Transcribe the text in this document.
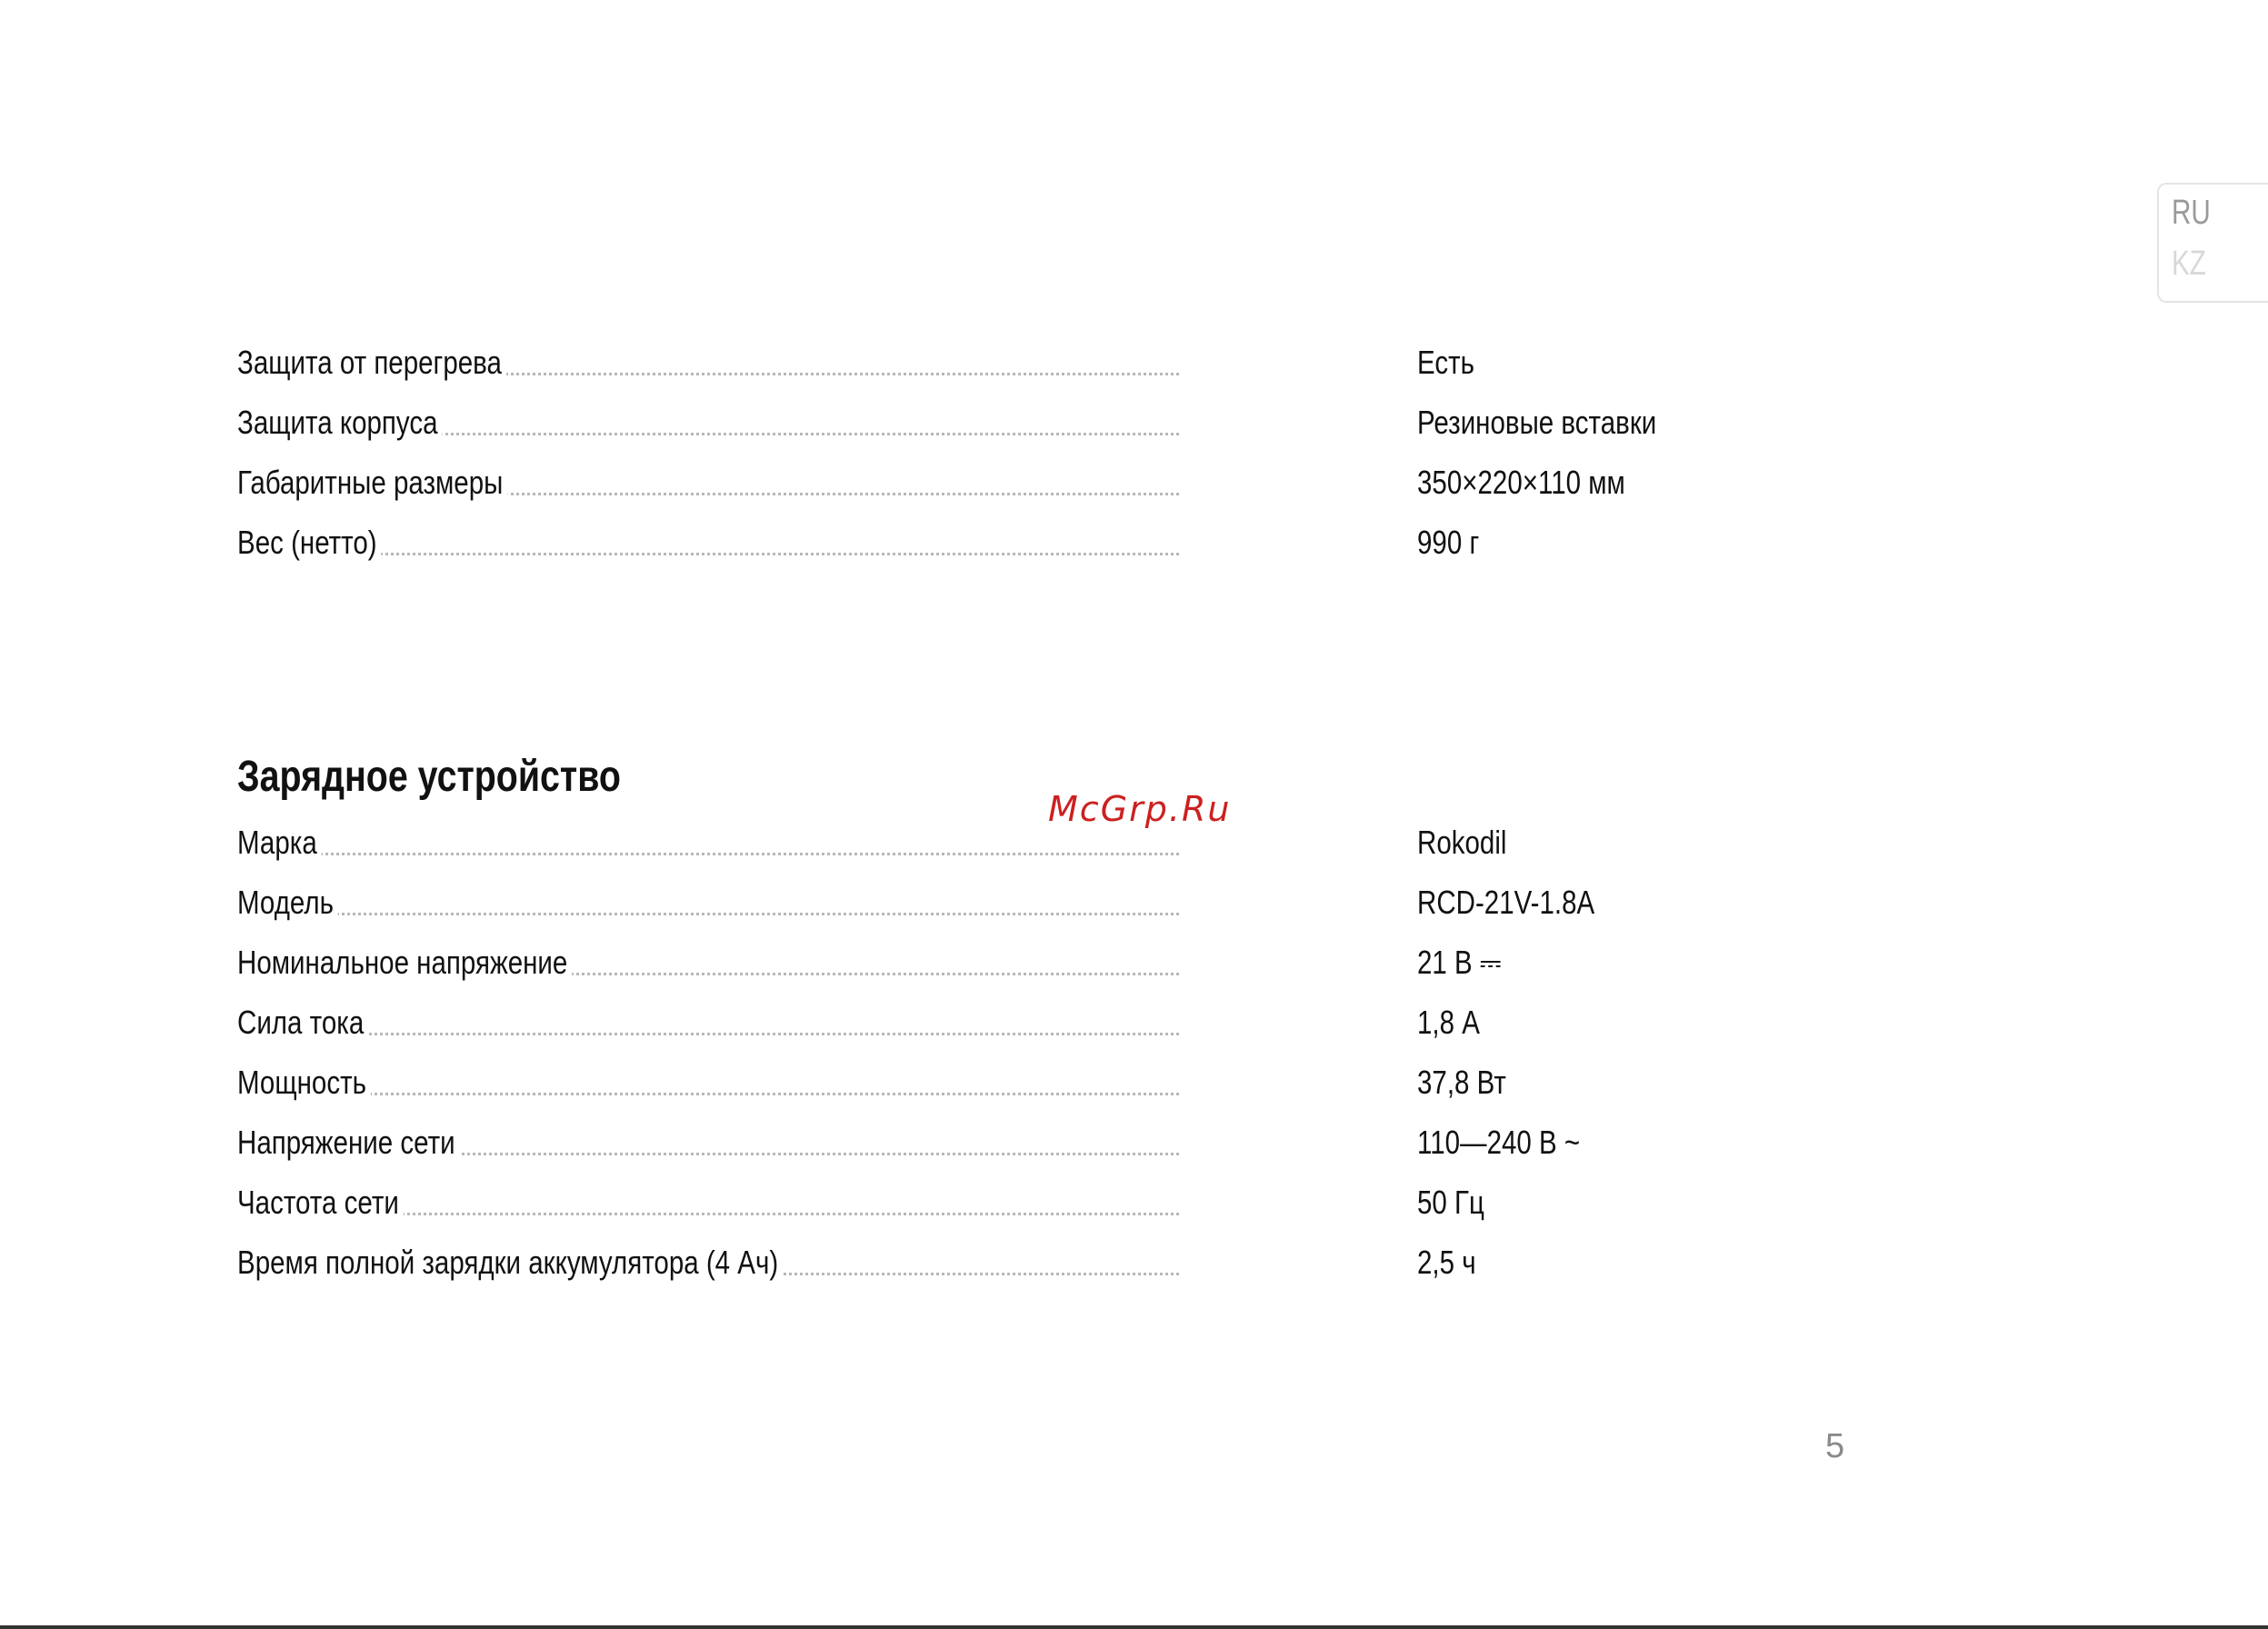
RU
KZ
Защита от перегрева	Есть
Защита корпуса	Резиновые вставки
Габаритные размеры	350×220×110 мм
Вес (нетто)	990 г
Зарядное устройство
McGrp.Ru
Марка	Rokodil
Модель	RCD-21V-1.8A
Номинальное напряжение	21 В ⎓
Сила тока	1,8 А
Мощность	37,8 Вт
Напряжение сети	110—240 В ~
Частота сети	50 Гц
Время полной зарядки аккумулятора (4 Ач)	2,5 ч
5
